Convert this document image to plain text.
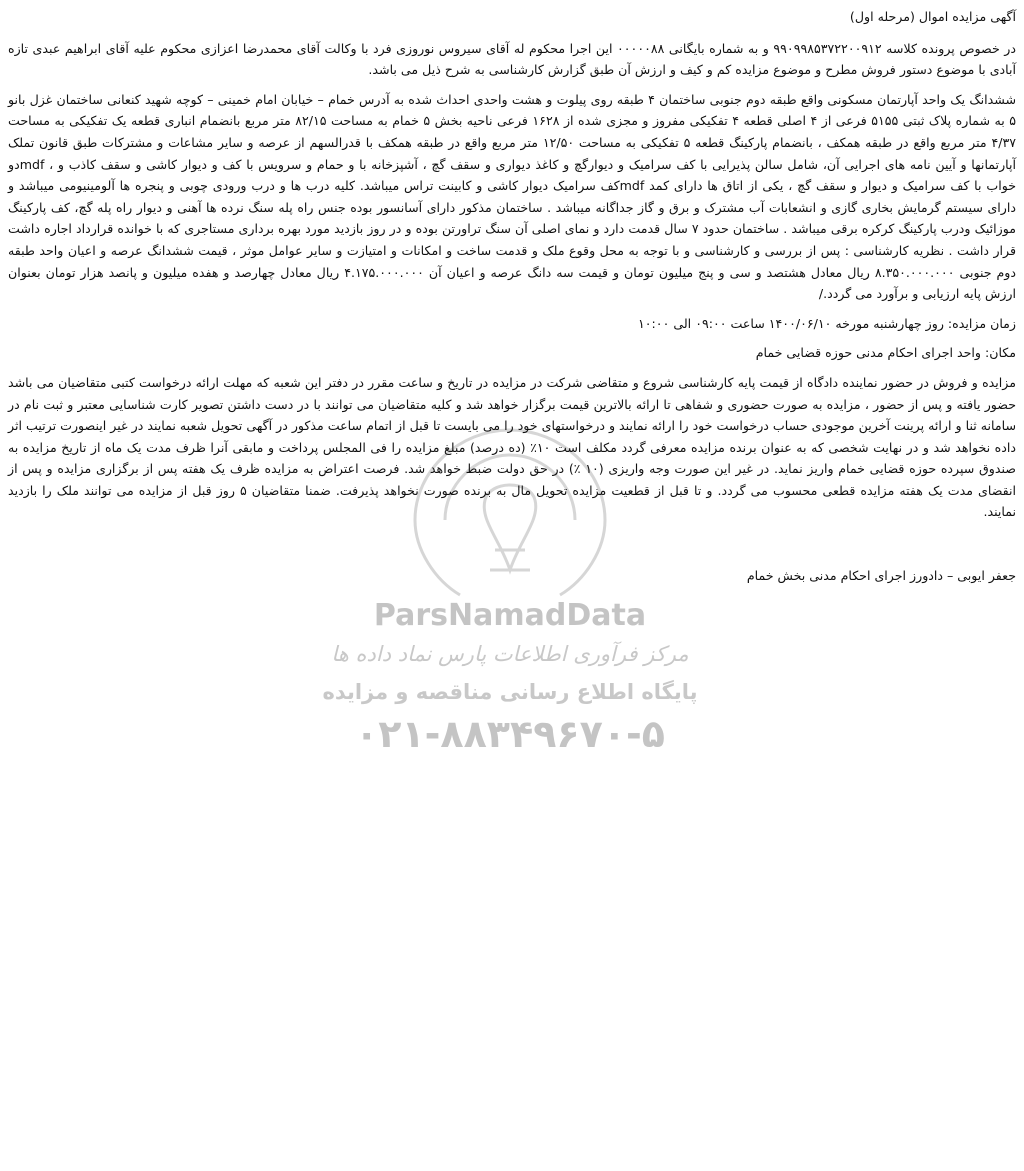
ParsNamadData
مرکز فرآوری اطلاعات پارس نماد داده ها
پایگاه اطلاع رسانی مناقصه و مزایده
۰۲۱-۸۸۳۴۹۶۷۰-۵

آگهی مزایده اموال (مرحله اول)

در خصوص پرونده کلاسه ۹۹۰۹۹۸۵۳۷۲۲۰۰۹۱۲ و به شماره بایگانی ۰۰۰۰۰۸۸ این اجرا محکوم له آقای سیروس نوروزی فرد با وکالت آقای محمدرضا اعزازی محکوم علیه آقای ابراهیم عبدی تازه آبادی با موضوع دستور فروش مطرح و موضوع مزایده کم و کیف و ارزش آن طبق گزارش کارشناسی به شرح ذیل می باشد.

ششدانگ یک واحد آپارتمان مسکونی واقع طبقه دوم جنوبی ساختمان ۴ طبقه روی پیلوت و هشت واحدی احداث شده به آدرس خمام – خیابان امام خمینی – کوچه شهید کنعانی ساختمان غزل بانو ۵ به شماره پلاک ثبتی ۵۱۵۵ فرعی از ۴ اصلی قطعه ۴ تفکیکی مفروز و مجزی شده از ۱۶۲۸ فرعی ناحیه بخش ۵ خمام به مساحت ۸۲/۱۵ متر مربع بانضمام انباری قطعه یک تفکیکی به مساحت ۴/۳۷ متر مربع واقع در طبقه همکف ، بانضمام پارکینگ قطعه ۵ تفکیکی به مساحت ۱۲/۵۰ متر مربع واقع در طبقه همکف با قدرالسهم از عرصه و سایر مشاعات و مشترکات طبق قانون تملک آپارتمانها و آیین نامه های اجرایی آن، شامل سالن پذیرایی با کف سرامیک و دیوارگچ و کاغذ دیواری و سقف گچ ، آشپزخانه با و حمام و سرویس با کف و دیوار کاشی و سقف کاذب و ، mdfدو خواب با کف سرامیک و دیوار و سقف گچ ، یکی از اتاق ها دارای کمد mdfکف سرامیک دیوار کاشی و کابینت تراس میباشد. کلیه درب ها و درب ورودی چوبی و پنجره ها آلومینیومی میباشد و دارای سیستم گرمایش بخاری گازی و انشعابات آب مشترک و برق و گاز جداگانه میباشد . ساختمان مذکور دارای آسانسور بوده جنس راه پله سنگ نرده ها آهنی و دیوار راه پله گچ، کف پارکینگ موزائیک ودرب پارکینگ کرکره برقی میباشد . ساختمان حدود ۷ سال قدمت دارد و نمای اصلی آن سنگ تراورتن بوده و در روز بازدید مورد بهره برداری مستاجری که با خوانده قرارداد اجاره داشت قرار داشت . نظریه کارشناسی : پس از بررسی و کارشناسی و با توجه به محل وقوع ملک و قدمت ساخت و امکانات و امتیازت و سایر عوامل موثر ، قیمت ششدانگ عرصه و اعیان واحد طبقه دوم جنوبی ۸.۳۵۰.۰۰۰.۰۰۰ ریال معادل هشتصد و سی و پنج میلیون تومان و قیمت سه دانگ عرصه و اعیان آن ۴.۱۷۵.۰۰۰.۰۰۰ ریال معادل چهارصد و هفده میلیون و پانصد هزار تومان بعنوان ارزش پایه ارزیابی و برآورد می گردد./

زمان مزایده: روز چهارشنبه مورخه ۱۴۰۰/۰۶/۱۰ ساعت ۰۹:۰۰ الی ۱۰:۰۰

مکان: واحد اجرای احکام مدنی حوزه قضایی خمام

مزایده و فروش در حضور نماینده دادگاه از قیمت پایه کارشناسی شروع و متقاضی شرکت در مزایده در تاریخ و ساعت مقرر در دفتر این شعبه که مهلت ارائه درخواست کتبی متقاضیان می باشد حضور یافته و پس از حضور ، مزایده به صورت حضوری و شفاهی تا ارائه بالاترین قیمت برگزار خواهد شد و کلیه متقاضیان می توانند با در دست داشتن تصویر کارت شناسایی معتبر و ثبت نام در سامانه ثنا و ارائه پرینت آخرین موجودی حساب درخواست خود را ارائه نمایند و درخواستهای خود را می بایست تا قبل از اتمام ساعت مذکور در آگهی تحویل شعبه نمایند در غیر اینصورت ترتیب اثر داده نخواهد شد و در نهایت شخصی که به عنوان برنده مزایده معرفی گردد مکلف است ۱۰٪ (ده درصد) مبلغ مزایده را فی المجلس پرداخت و مابقی آنرا ظرف مدت یک ماه از تاریخ مزایده به صندوق سپرده حوزه قضایی خمام واریز نماید. در غیر این صورت وجه واریزی (۱۰ ٪) در حق دولت ضبط خواهد شد. فرصت اعتراض به مزایده ظرف یک هفته پس از برگزاری مزایده و پس از انقضای مدت یک هفته مزایده قطعی محسوب می گردد. و تا قبل از قطعیت مزایده تحویل مال به برنده صورت نخواهد پذیرفت. ضمنا متقاضیان ۵ روز قبل از مزایده می توانند ملک را بازدید نمایند.

جعفر ایوبی – دادورز اجرای احکام مدنی بخش خمام
